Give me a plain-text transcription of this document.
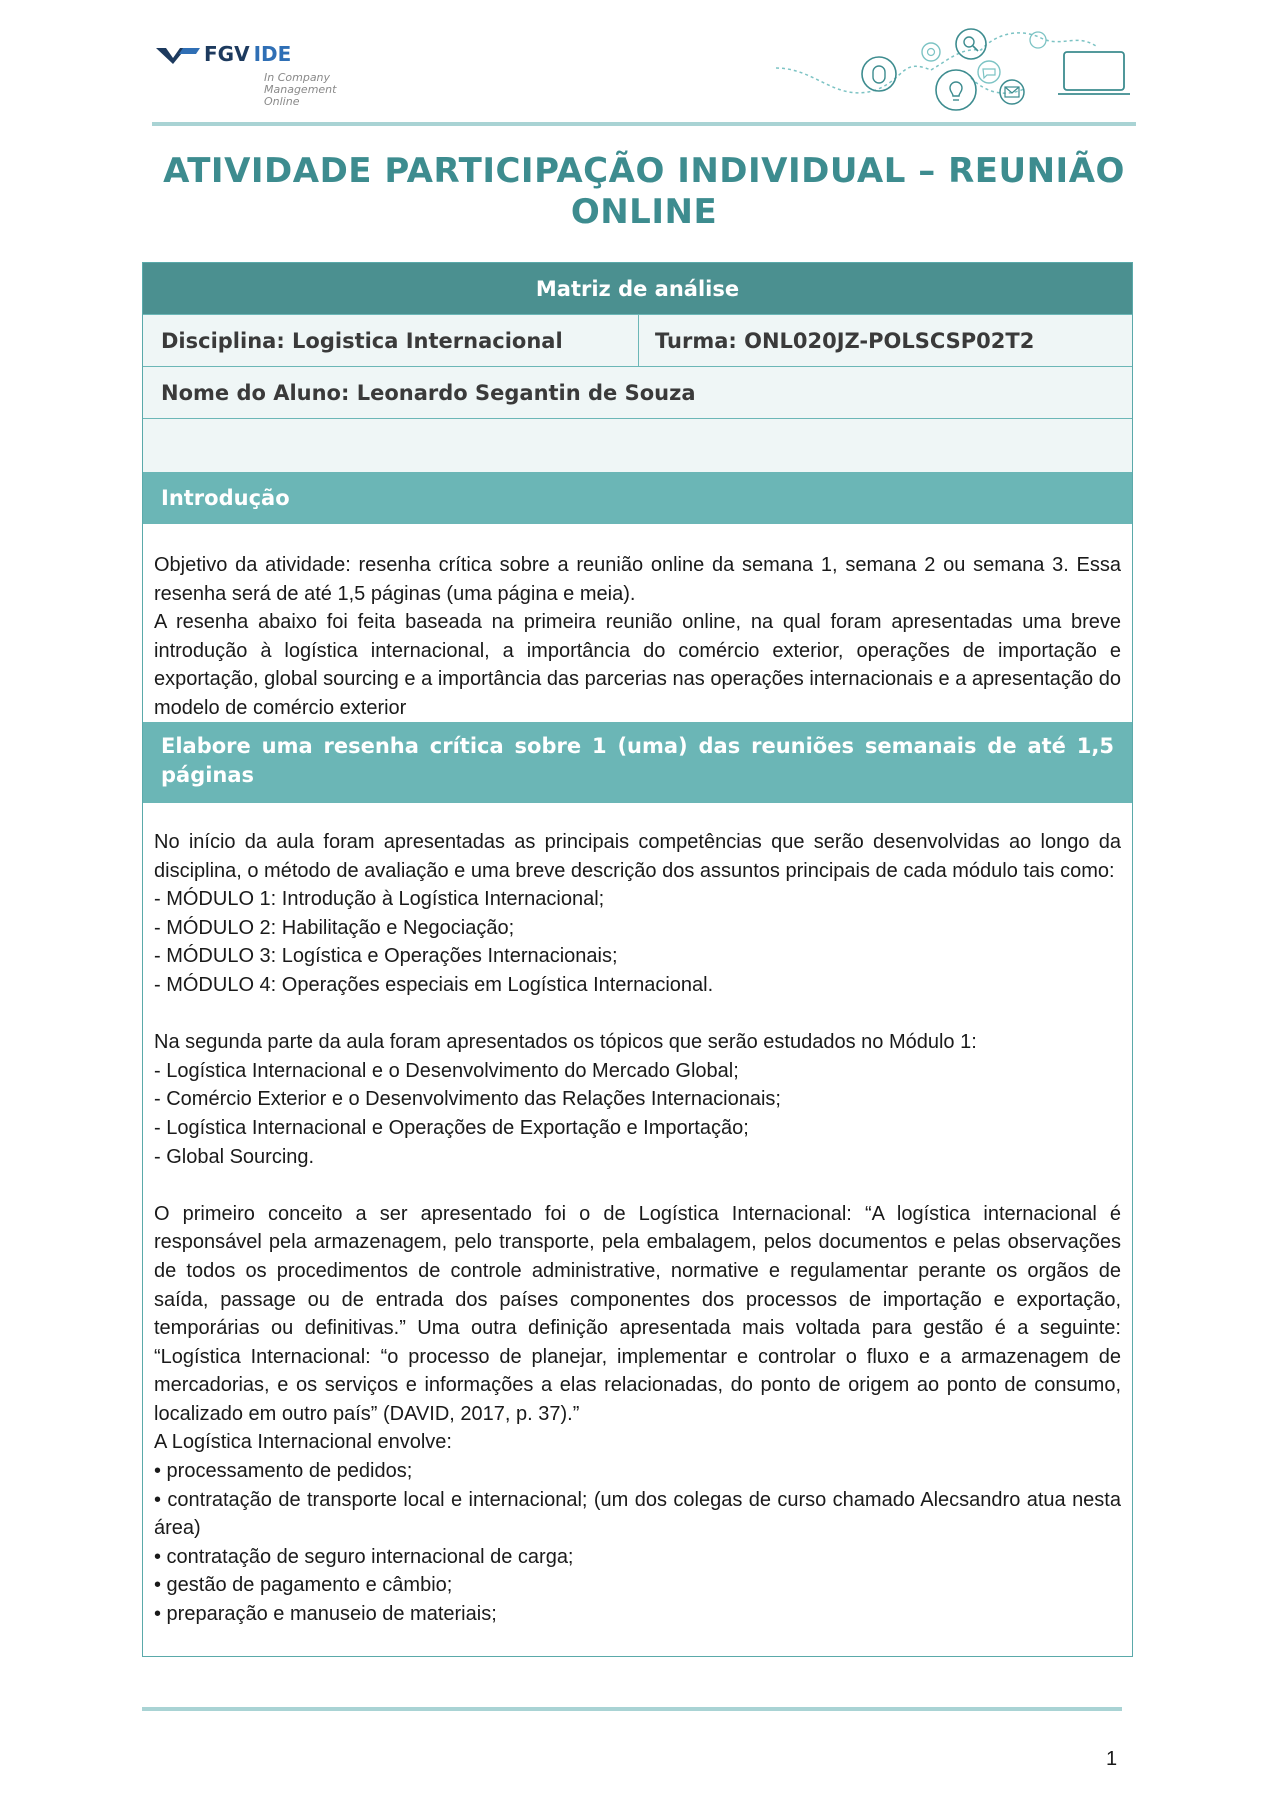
FGV IDE
In Company
Management
Online
ATIVIDADE PARTICIPAÇÃO INDIVIDUAL – REUNIÃO
ONLINE
Matriz de análise
Disciplina: Logistica Internacional	Turma: ONL020JZ-POLSCSP02T2
Nome do Aluno: Leonardo Segantin de Souza
Introdução

Objetivo da atividade: resenha crítica sobre a reunião online da semana 1, semana 2 ou semana 3. Essa resenha será de até 1,5 páginas (uma página e meia).

A resenha abaixo foi feita baseada na primeira reunião online, na qual foram apresentadas uma breve introdução à logística internacional, a importância do comércio exterior, operações de importação e exportação, global sourcing e a importância das parcerias nas operações internacionais e a apresentação do modelo de comércio exterior

Elabore uma resenha crítica sobre 1 (uma) das reuniões semanais de até 1,5 páginas

No início da aula foram apresentadas as principais competências que serão desenvolvidas ao longo da disciplina, o método de avaliação e uma breve descrição dos assuntos principais de cada módulo tais como:

- MÓDULO 1: Introdução à Logística Internacional;

- MÓDULO 2: Habilitação e Negociação;

- MÓDULO 3: Logística e Operações Internacionais;

- MÓDULO 4: Operações especiais em Logística Internacional.

Na segunda parte da aula foram apresentados os tópicos que serão estudados no Módulo 1:

- Logística Internacional e o Desenvolvimento do Mercado Global;

- Comércio Exterior e o Desenvolvimento das Relações Internacionais;

- Logística Internacional e Operações de Exportação e Importação;

- Global Sourcing.

O primeiro conceito a ser apresentado foi o de Logística Internacional: “A logística internacional é responsável pela armazenagem, pelo transporte, pela embalagem, pelos documentos e pelas observações de todos os procedimentos de controle administrative, normative e regulamentar perante os orgãos de saída, passage ou de entrada dos países componentes dos processos de importação e exportação, temporárias ou definitivas.” Uma outra definição apresentada mais voltada para gestão é a seguinte: “Logística Internacional: “o processo de planejar, implementar e controlar o fluxo e a armazenagem de mercadorias, e os serviços e informações a elas relacionadas, do ponto de origem ao ponto de consumo, localizado em outro país” (DAVID, 2017, p. 37).”

A Logística Internacional envolve:

• processamento de pedidos;

• contratação de transporte local e internacional; (um dos colegas de curso chamado Alecsandro atua nesta área)

• contratação de seguro internacional de carga;

• gestão de pagamento e câmbio;

• preparação e manuseio de materiais;

1
